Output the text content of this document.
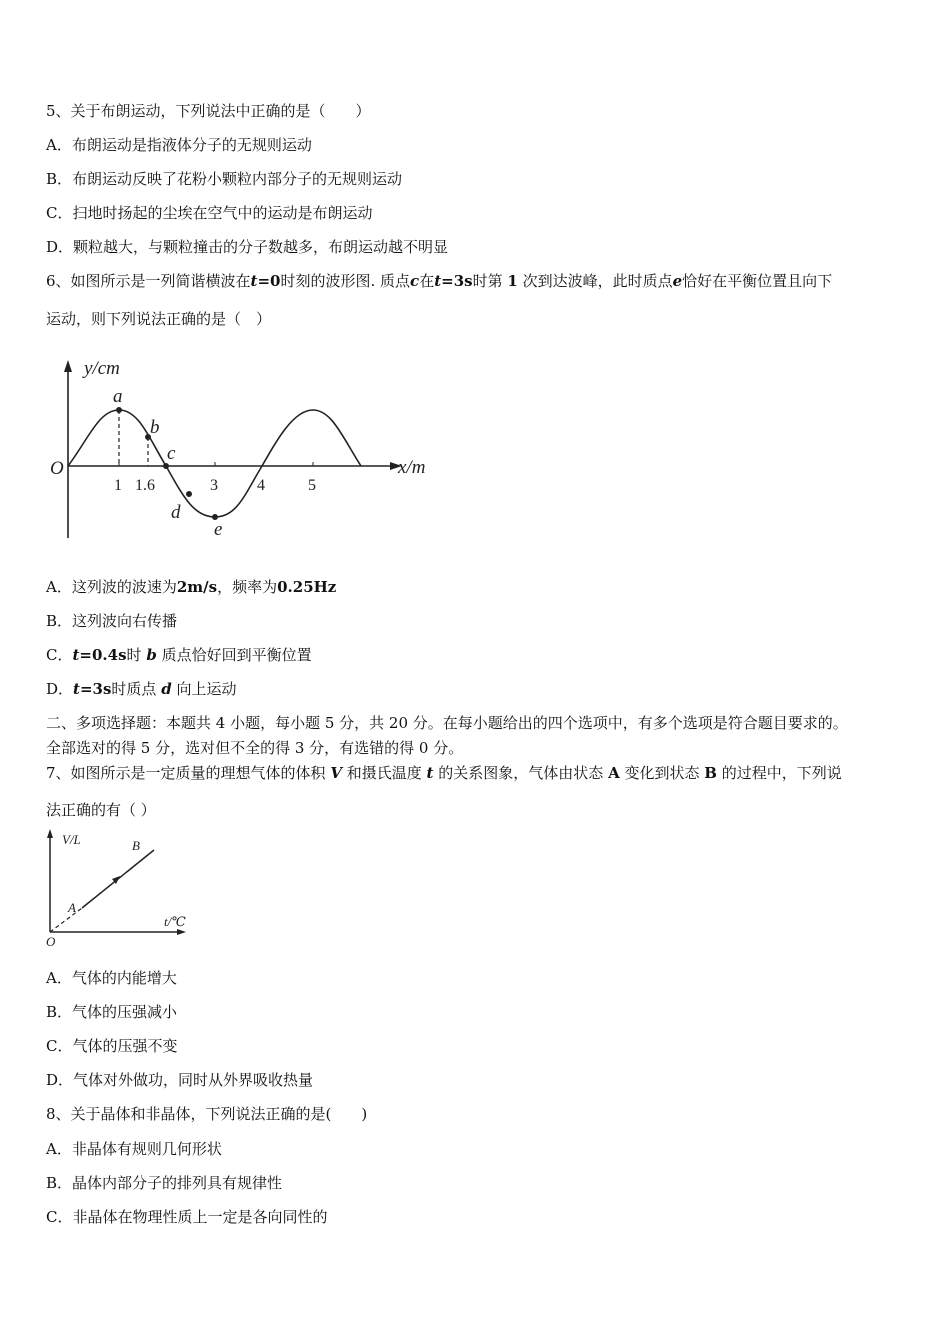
5、关于布朗运动，下列说法中正确的是（　　）
A．布朗运动是指液体分子的无规则运动
B．布朗运动反映了花粉小颗粒内部分子的无规则运动
C．扫地时扬起的尘埃在空气中的运动是布朗运动
D．颗粒越大，与颗粒撞击的分子数越多，布朗运动越不明显
6、如图所示是一列简谐横波在t=0时刻的波形图. 质点c在t=3s时第 1 次到达波峰，此时质点e恰好在平衡位置且向下
运动，则下列说法正确的是（　）
y/cm
x/m
O
1 1.6	3 4	5
a
b
c
d
e
A．这列波的波速为2m/s，频率为0.25Hz
B．这列波向右传播
C．t=0.4s时 b 质点恰好回到平衡位置
D．t=3s时质点 d 向上运动
二、多项选择题：本题共 4 小题，每小题 5 分，共 20 分。在每小题给出的四个选项中，有多个选项是符合题目要求的。
全部选对的得 5 分，选对但不全的得 3 分，有选错的得 0 分。
7、如图所示是一定质量的理想气体的体积 V 和摄氏温度 t 的关系图象，气体由状态 A 变化到状态 B 的过程中，下列说
法正确的有（ ）
V/L
t/℃
O
A
B
A．气体的内能增大
B．气体的压强减小
C．气体的压强不变
D．气体对外做功，同时从外界吸收热量
8、关于晶体和非晶体，下列说法正确的是(　　)
A．非晶体有规则几何形状
B．晶体内部分子的排列具有规律性
C．非晶体在物理性质上一定是各向同性的
